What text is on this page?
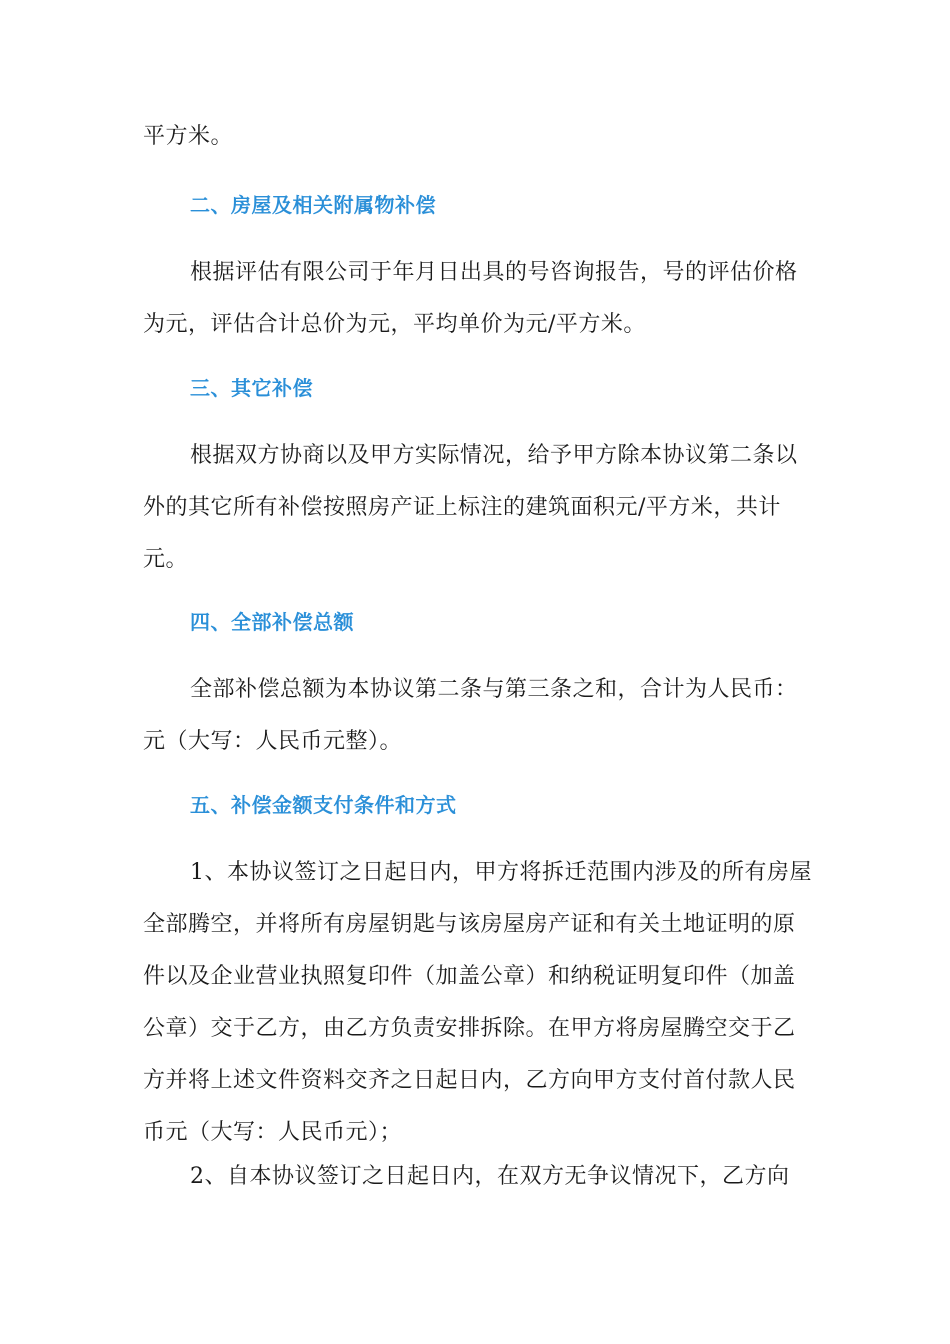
平方米。

二、房屋及相关附属物补偿

根据评估有限公司于年月日出具的号咨询报告，号的评估价格为元，评估合计总价为元，平均单价为元/平方米。

三、其它补偿

根据双方协商以及甲方实际情况，给予甲方除本协议第二条以外的其它所有补偿按照房产证上标注的建筑面积元/平方米，共计元。

四、全部补偿总额

全部补偿总额为本协议第二条与第三条之和，合计为人民币：元（大写：人民币元整）。

五、补偿金额支付条件和方式

1、本协议签订之日起日内，甲方将拆迁范围内涉及的所有房屋全部腾空，并将所有房屋钥匙与该房屋房产证和有关土地证明的原件以及企业营业执照复印件（加盖公章）和纳税证明复印件（加盖公章）交于乙方，由乙方负责安排拆除。在甲方将房屋腾空交于乙方并将上述文件资料交齐之日起日内，乙方向甲方支付首付款人民币元（大写：人民币元）；

2、自本协议签订之日起日内，在双方无争议情况下，乙方向
